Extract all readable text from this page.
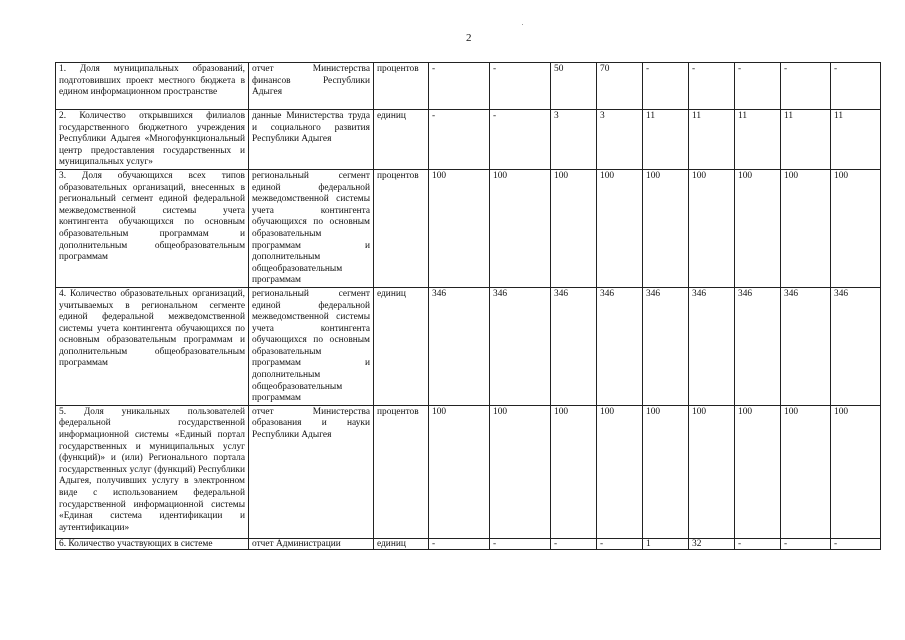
2
1. Доля муниципальных образований, подготовивших проект местного бюджета в едином информационном пространстве	отчет Министерства финансов Республики Адыгея	процентов	-	-	50	70	-	-	-	-	-
2. Количество открывшихся филиалов государственного бюджетного учреждения Республики Адыгея «Многофункциональный центр предоставления государственных и муниципальных услуг»	данные Министерства труда и социального развития Республики Адыгея	единиц	-	-	3	3	11	11	11	11	11
3. Доля обучающихся всех типов образовательных организаций, внесенных в региональный сегмент единой федеральной межведомственной системы учета контингента обучающихся по основным образовательным программам и дополнительным общеобразовательным программам	региональный сегмент единой федеральной межведомственной системы учета контингента обучающихся по основным образовательным программам и дополнительным общеобразовательным программам	процентов	100	100	100	100	100	100	100	100	100
4. Количество образовательных организаций, учитываемых в региональном сегменте единой федеральной межведомственной системы учета контингента обучающихся по основным образовательным программам и дополнительным общеобразовательным программам	региональный сегмент единой федеральной межведомственной системы учета контингента обучающихся по основным образовательным программам и дополнительным общеобразовательным программам	единиц	346	346	346	346	346	346	346	346	346
5. Доля уникальных пользователей федеральной государственной информационной системы «Единый портал государственных и муниципальных услуг (функций)» и (или) Регионального портала государственных услуг (функций) Республики Адыгея, получивших услугу в электронном виде с использованием федеральной государственной информационной системы «Единая система идентификации и аутентификации»	отчет Министерства образования и науки Республики Адыгея	процентов	100	100	100	100	100	100	100	100	100
6. Количество участвующих в системе	отчет Администрации	единиц	-	-	-	-	1	32	-	-	-
